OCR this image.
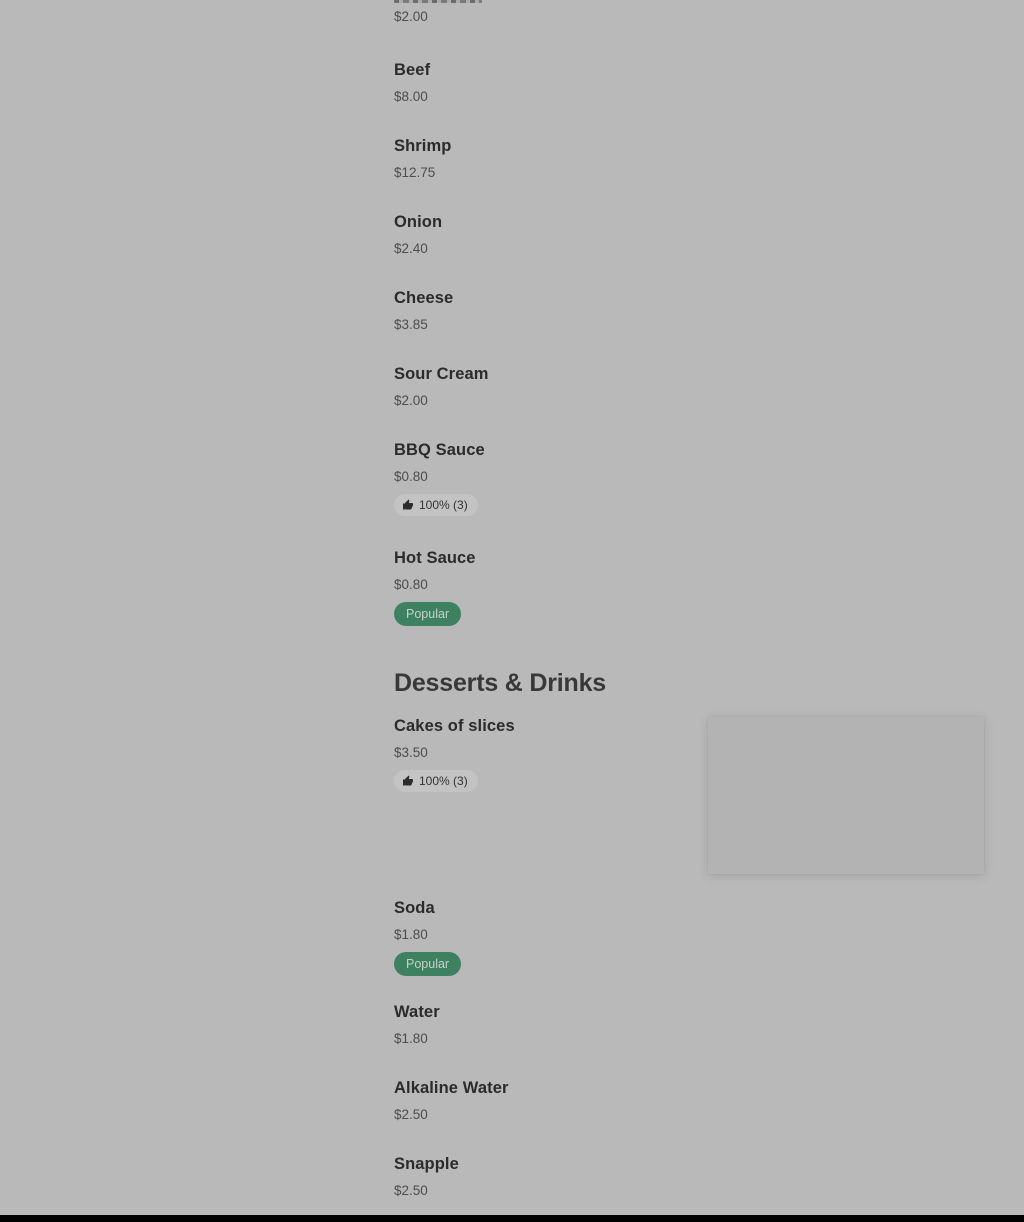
$2.00
Beef
$8.00
Shrimp
$12.75
Onion
$2.40
Cheese
$3.85
Sour Cream
$2.00
BBQ Sauce
$0.80
100% (3)
Hot Sauce
$0.80
Popular
Desserts & Drinks
Cakes of slices
$3.50
100% (3)
Soda
$1.80
Popular
Water
$1.80
Alkaline Water
$2.50
Snapple
$2.50
